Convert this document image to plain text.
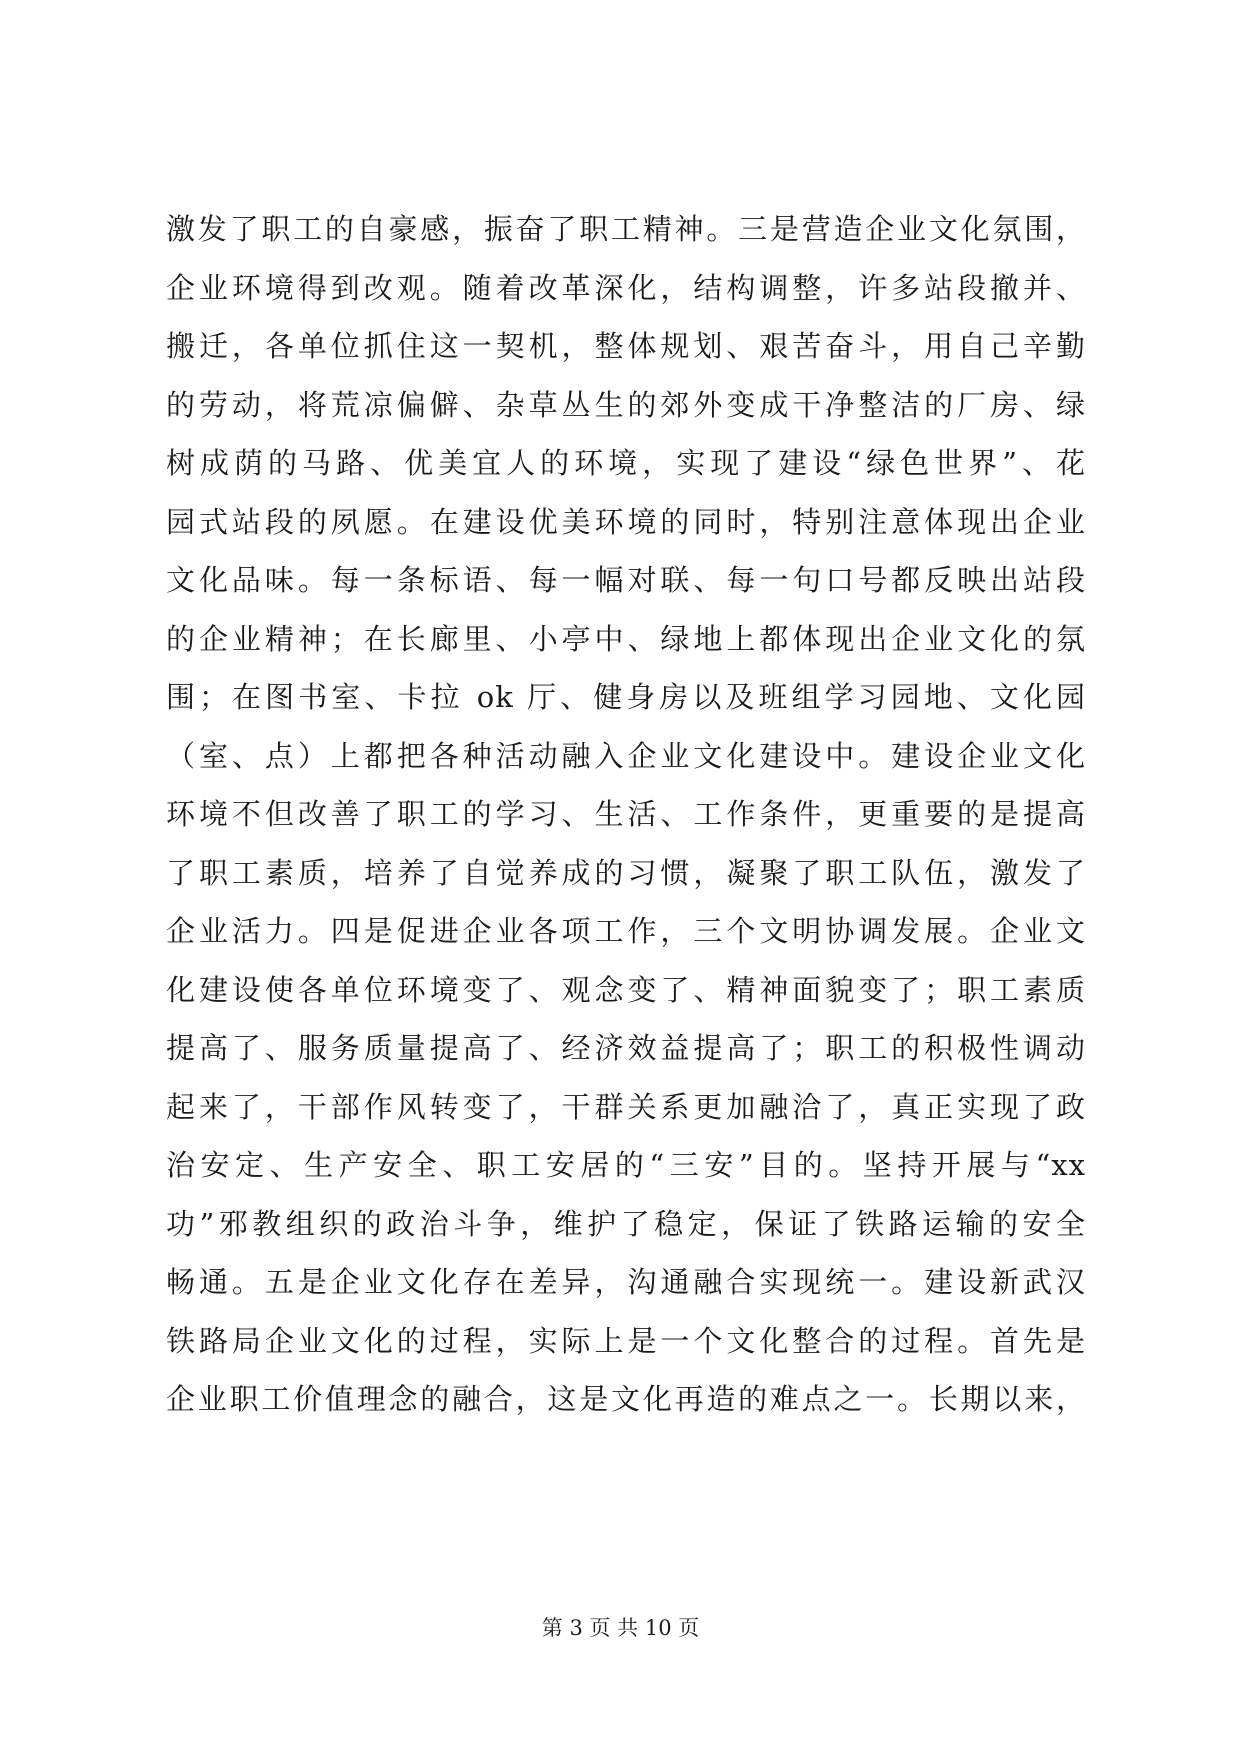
激发了职工的自豪感，振奋了职工精神。三是营造企业文化氛围，
企业环境得到改观。随着改革深化，结构调整，许多站段撤并、
搬迁，各单位抓住这一契机，整体规划、艰苦奋斗，用自己辛勤
的劳动，将荒凉偏僻、杂草丛生的郊外变成干净整洁的厂房、绿
树成荫的马路、优美宜人的环境，实现了建设“绿色世界”、花
园式站段的夙愿。在建设优美环境的同时，特别注意体现出企业
文化品味。每一条标语、每一幅对联、每一句口号都反映出站段
的企业精神；在长廊里、小亭中、绿地上都体现出企业文化的氛
围；在图书室、卡拉 ok 厅、健身房以及班组学习园地、文化园
（室、点）上都把各种活动融入企业文化建设中。建设企业文化
环境不但改善了职工的学习、生活、工作条件，更重要的是提高
了职工素质，培养了自觉养成的习惯，凝聚了职工队伍，激发了
企业活力。四是促进企业各项工作，三个文明协调发展。企业文
化建设使各单位环境变了、观念变了、精神面貌变了；职工素质
提高了、服务质量提高了、经济效益提高了；职工的积极性调动
起来了，干部作风转变了，干群关系更加融洽了，真正实现了政
治安定、生产安全、职工安居的“三安”目的。坚持开展与“xx
功”邪教组织的政治斗争，维护了稳定，保证了铁路运输的安全
畅通。五是企业文化存在差异，沟通融合实现统一。建设新武汉
铁路局企业文化的过程，实际上是一个文化整合的过程。首先是
企业职工价值理念的融合，这是文化再造的难点之一。长期以来，
第 3 页 共 10 页
